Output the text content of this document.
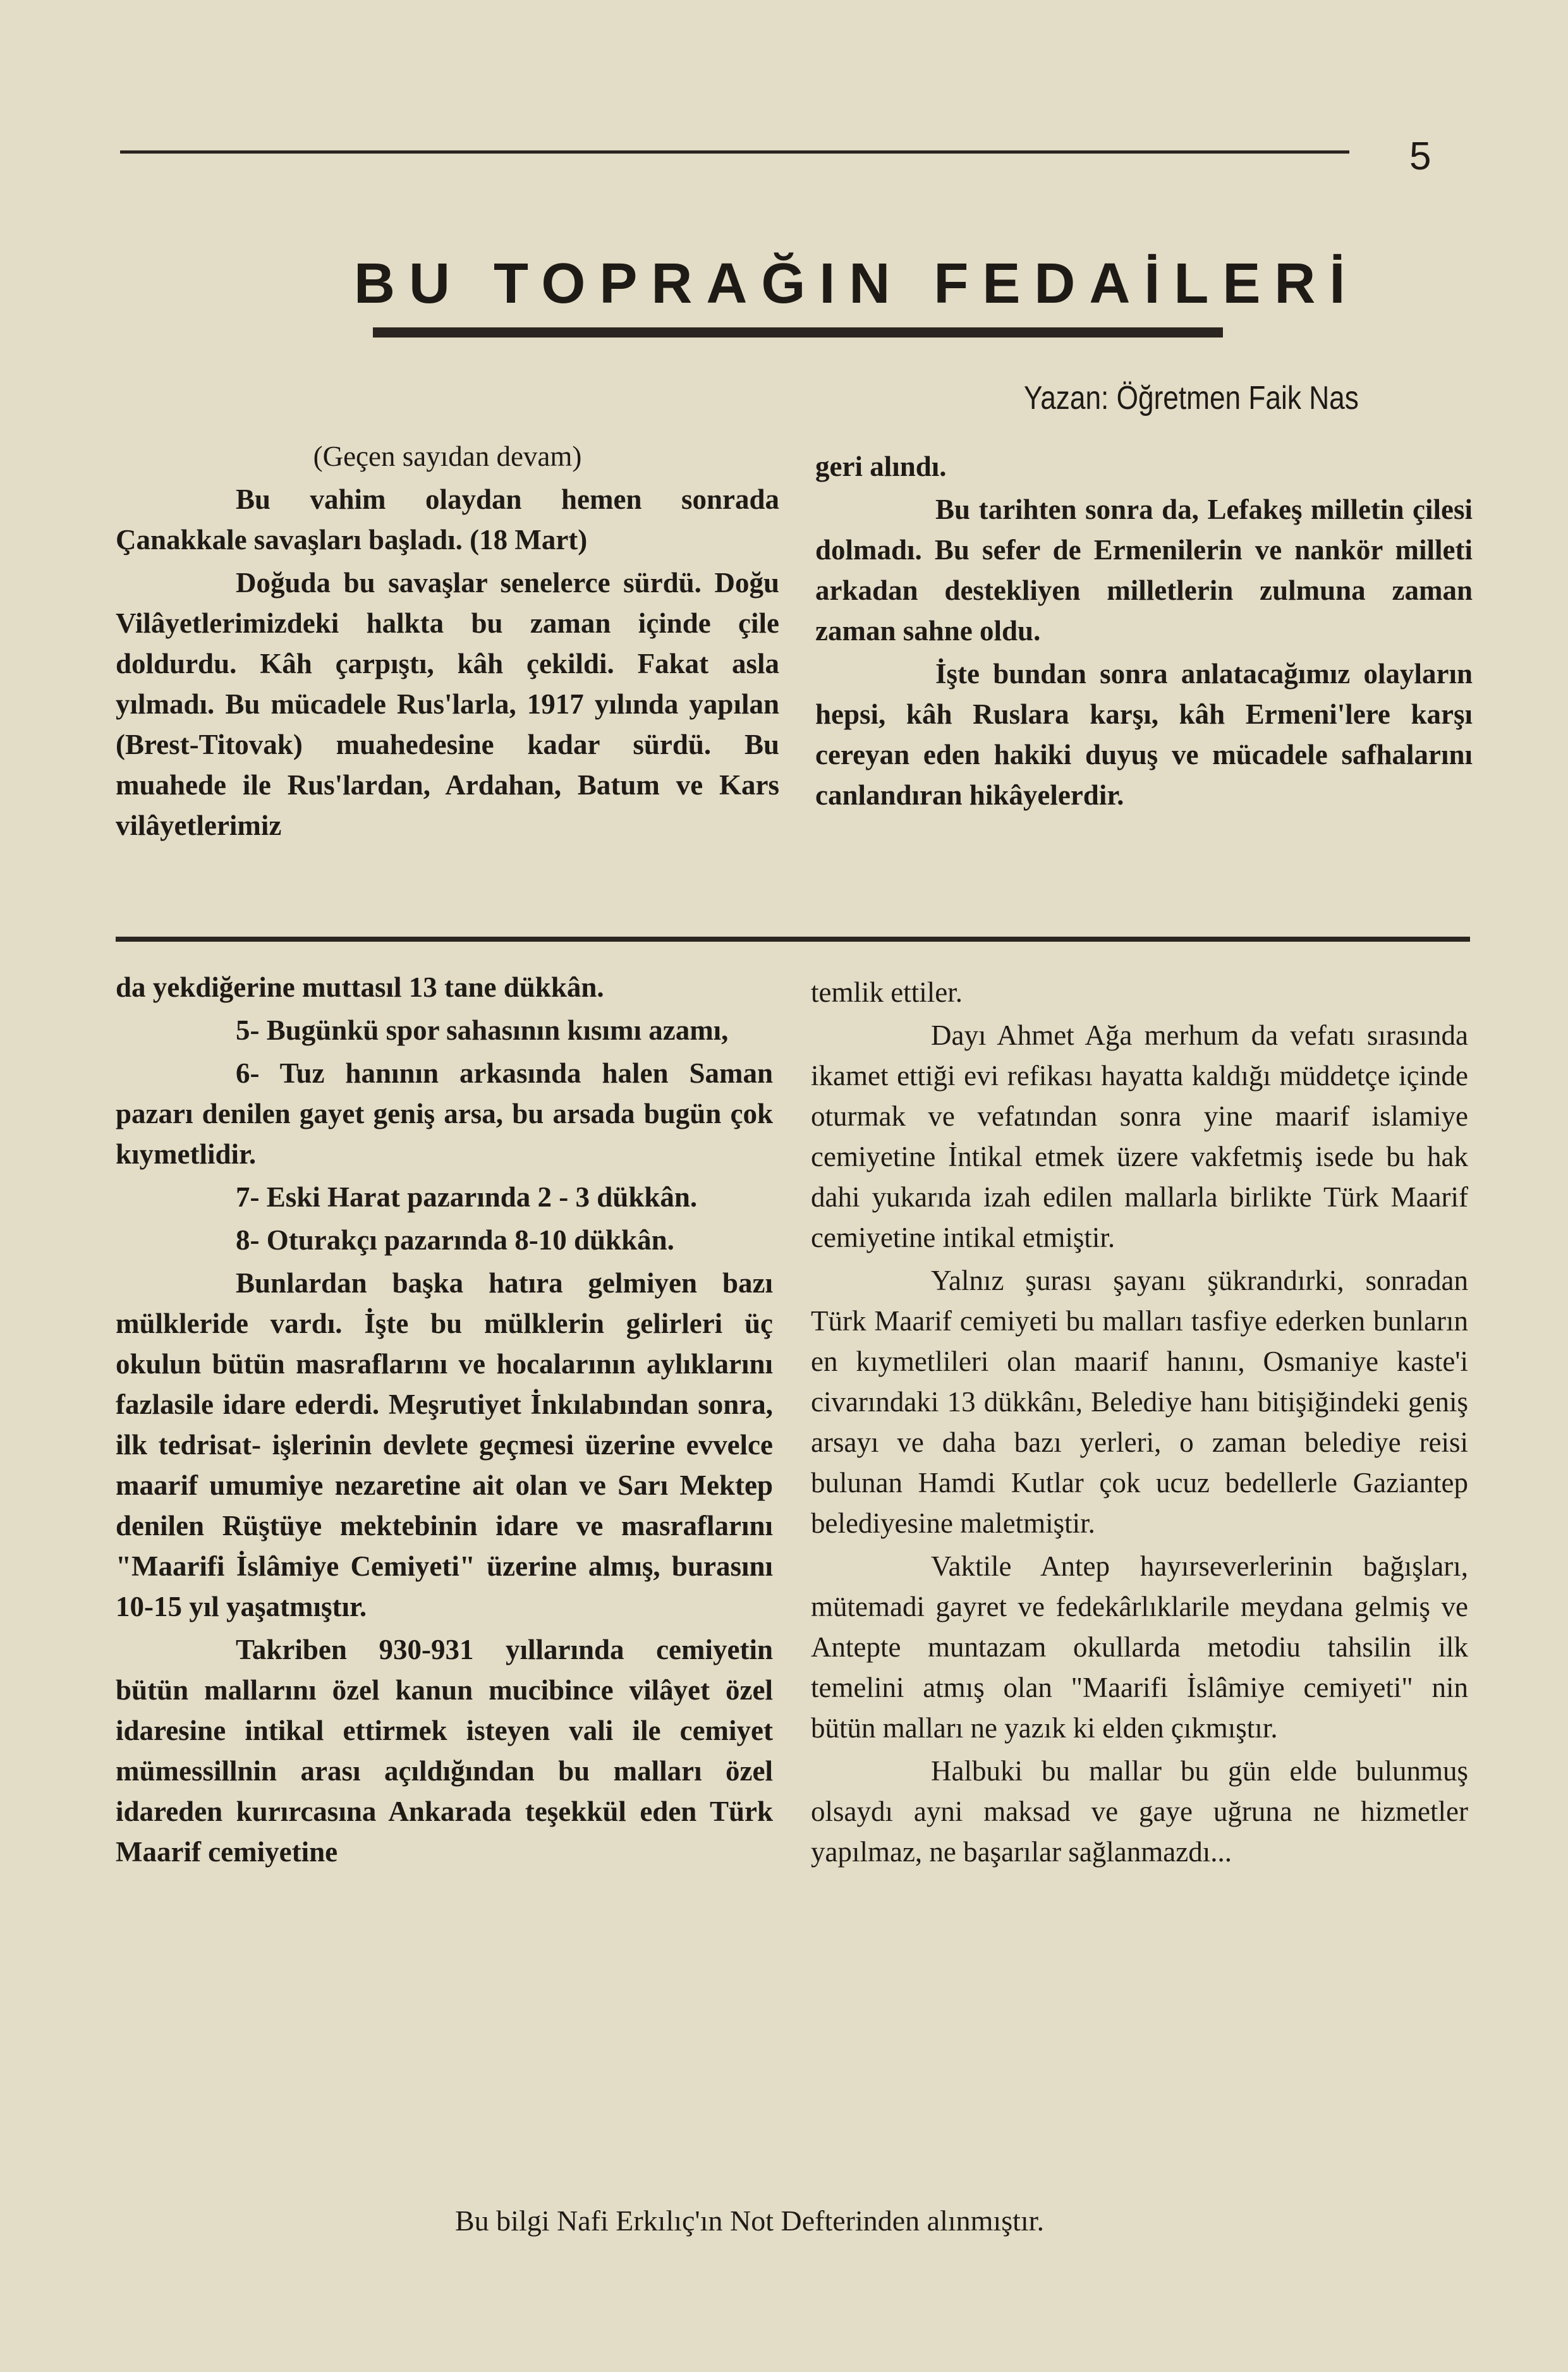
5
BU TOPRAĞIN FEDAİLERİ
Yazan: Öğretmen Faik Nas

(Geçen sayıdan devam)

Bu vahim olaydan hemen sonrada Çanakkale savaşları başladı. (18 Mart)

Doğuda bu savaşlar senelerce sürdü. Doğu Vilâyetlerimizdeki halkta bu zaman içinde çile doldurdu. Kâh çarpıştı, kâh çekildi. Fakat asla yılmadı. Bu mücadele Rus'larla, 1917 yılında yapılan (Brest-Titovak) muahedesine kadar sürdü. Bu muahede ile Rus'lardan, Ardahan, Batum ve Kars vilâyetlerimiz

geri alındı.

Bu tarihten sonra da, Lefakeş milletin çilesi dolmadı. Bu sefer de Ermenilerin ve nankör milleti arkadan destekliyen milletlerin zulmuna zaman zaman sahne oldu.

İşte bundan sonra anlatacağımız olayların hepsi, kâh Ruslara karşı, kâh Ermeni'lere karşı cereyan eden hakiki duyuş ve mücadele safhalarını canlandıran hikâyelerdir.

da yekdiğerine muttasıl 13 tane dükkân.

5- Bugünkü spor sahasının kısımı azamı,

6- Tuz hanının arkasında halen Saman pazarı denilen gayet geniş arsa, bu arsada bugün çok kıymetlidir.

7- Eski Harat pazarında 2 - 3 dükkân.

8- Oturakçı pazarında 8-10 dükkân.

Bunlardan başka hatıra gelmiyen bazı mülkleride vardı. İşte bu mülklerin gelirleri üç okulun bütün masraflarını ve hocalarının aylıklarını fazlasile idare ederdi. Meşrutiyet İnkılabından sonra, ilk tedrisat- işlerinin devlete geçmesi üzerine evvelce maarif umumiye nezaretine ait olan ve Sarı Mektep denilen Rüştüye mektebinin idare ve masraflarını "Maarifi İslâmiye Cemiyeti" üzerine almış, burasını 10-15 yıl yaşatmıştır.

Takriben 930-931 yıllarında cemiyetin bütün mallarını özel kanun mucibince vilâyet özel idaresine intikal ettirmek isteyen vali ile cemiyet mümessillnin arası açıldığından bu malları özel idareden kurırcasına Ankarada teşekkül eden Türk Maarif cemiyetine

temlik ettiler.

Dayı Ahmet Ağa merhum da vefatı sırasında ikamet ettiği evi refikası hayatta kaldığı müddetçe içinde oturmak ve vefatından sonra yine maarif islamiye cemiyetine İntikal etmek üzere vakfetmiş isede bu hak dahi yukarıda izah edilen mallarla birlikte Türk Maarif cemiyetine intikal etmiştir.

Yalnız şurası şayanı şükrandırki, sonradan Türk Maarif cemiyeti bu malları tasfiye ederken bunların en kıymetlileri olan maarif hanını, Osmaniye kaste'i civarındaki 13 dükkânı, Belediye hanı bitişiğindeki geniş arsayı ve daha bazı yerleri, o zaman belediye reisi bulunan Hamdi Kutlar çok ucuz bedellerle Gaziantep belediyesine maletmiştir.

Vaktile Antep hayırseverlerinin bağışları, mütemadi gayret ve fedekârlıklarile meydana gelmiş ve Antepte muntazam okullarda metodiu tahsilin ilk temelini atmış olan "Maarifi İslâmiye cemiyeti" nin bütün malları ne yazık ki elden çıkmıştır.

Halbuki bu mallar bu gün elde bulunmuş olsaydı ayni maksad ve gaye uğruna ne hizmetler yapılmaz, ne başarılar sağlanmazdı...

Bu bilgi Nafi Erkılıç'ın Not Defterinden alınmıştır.
